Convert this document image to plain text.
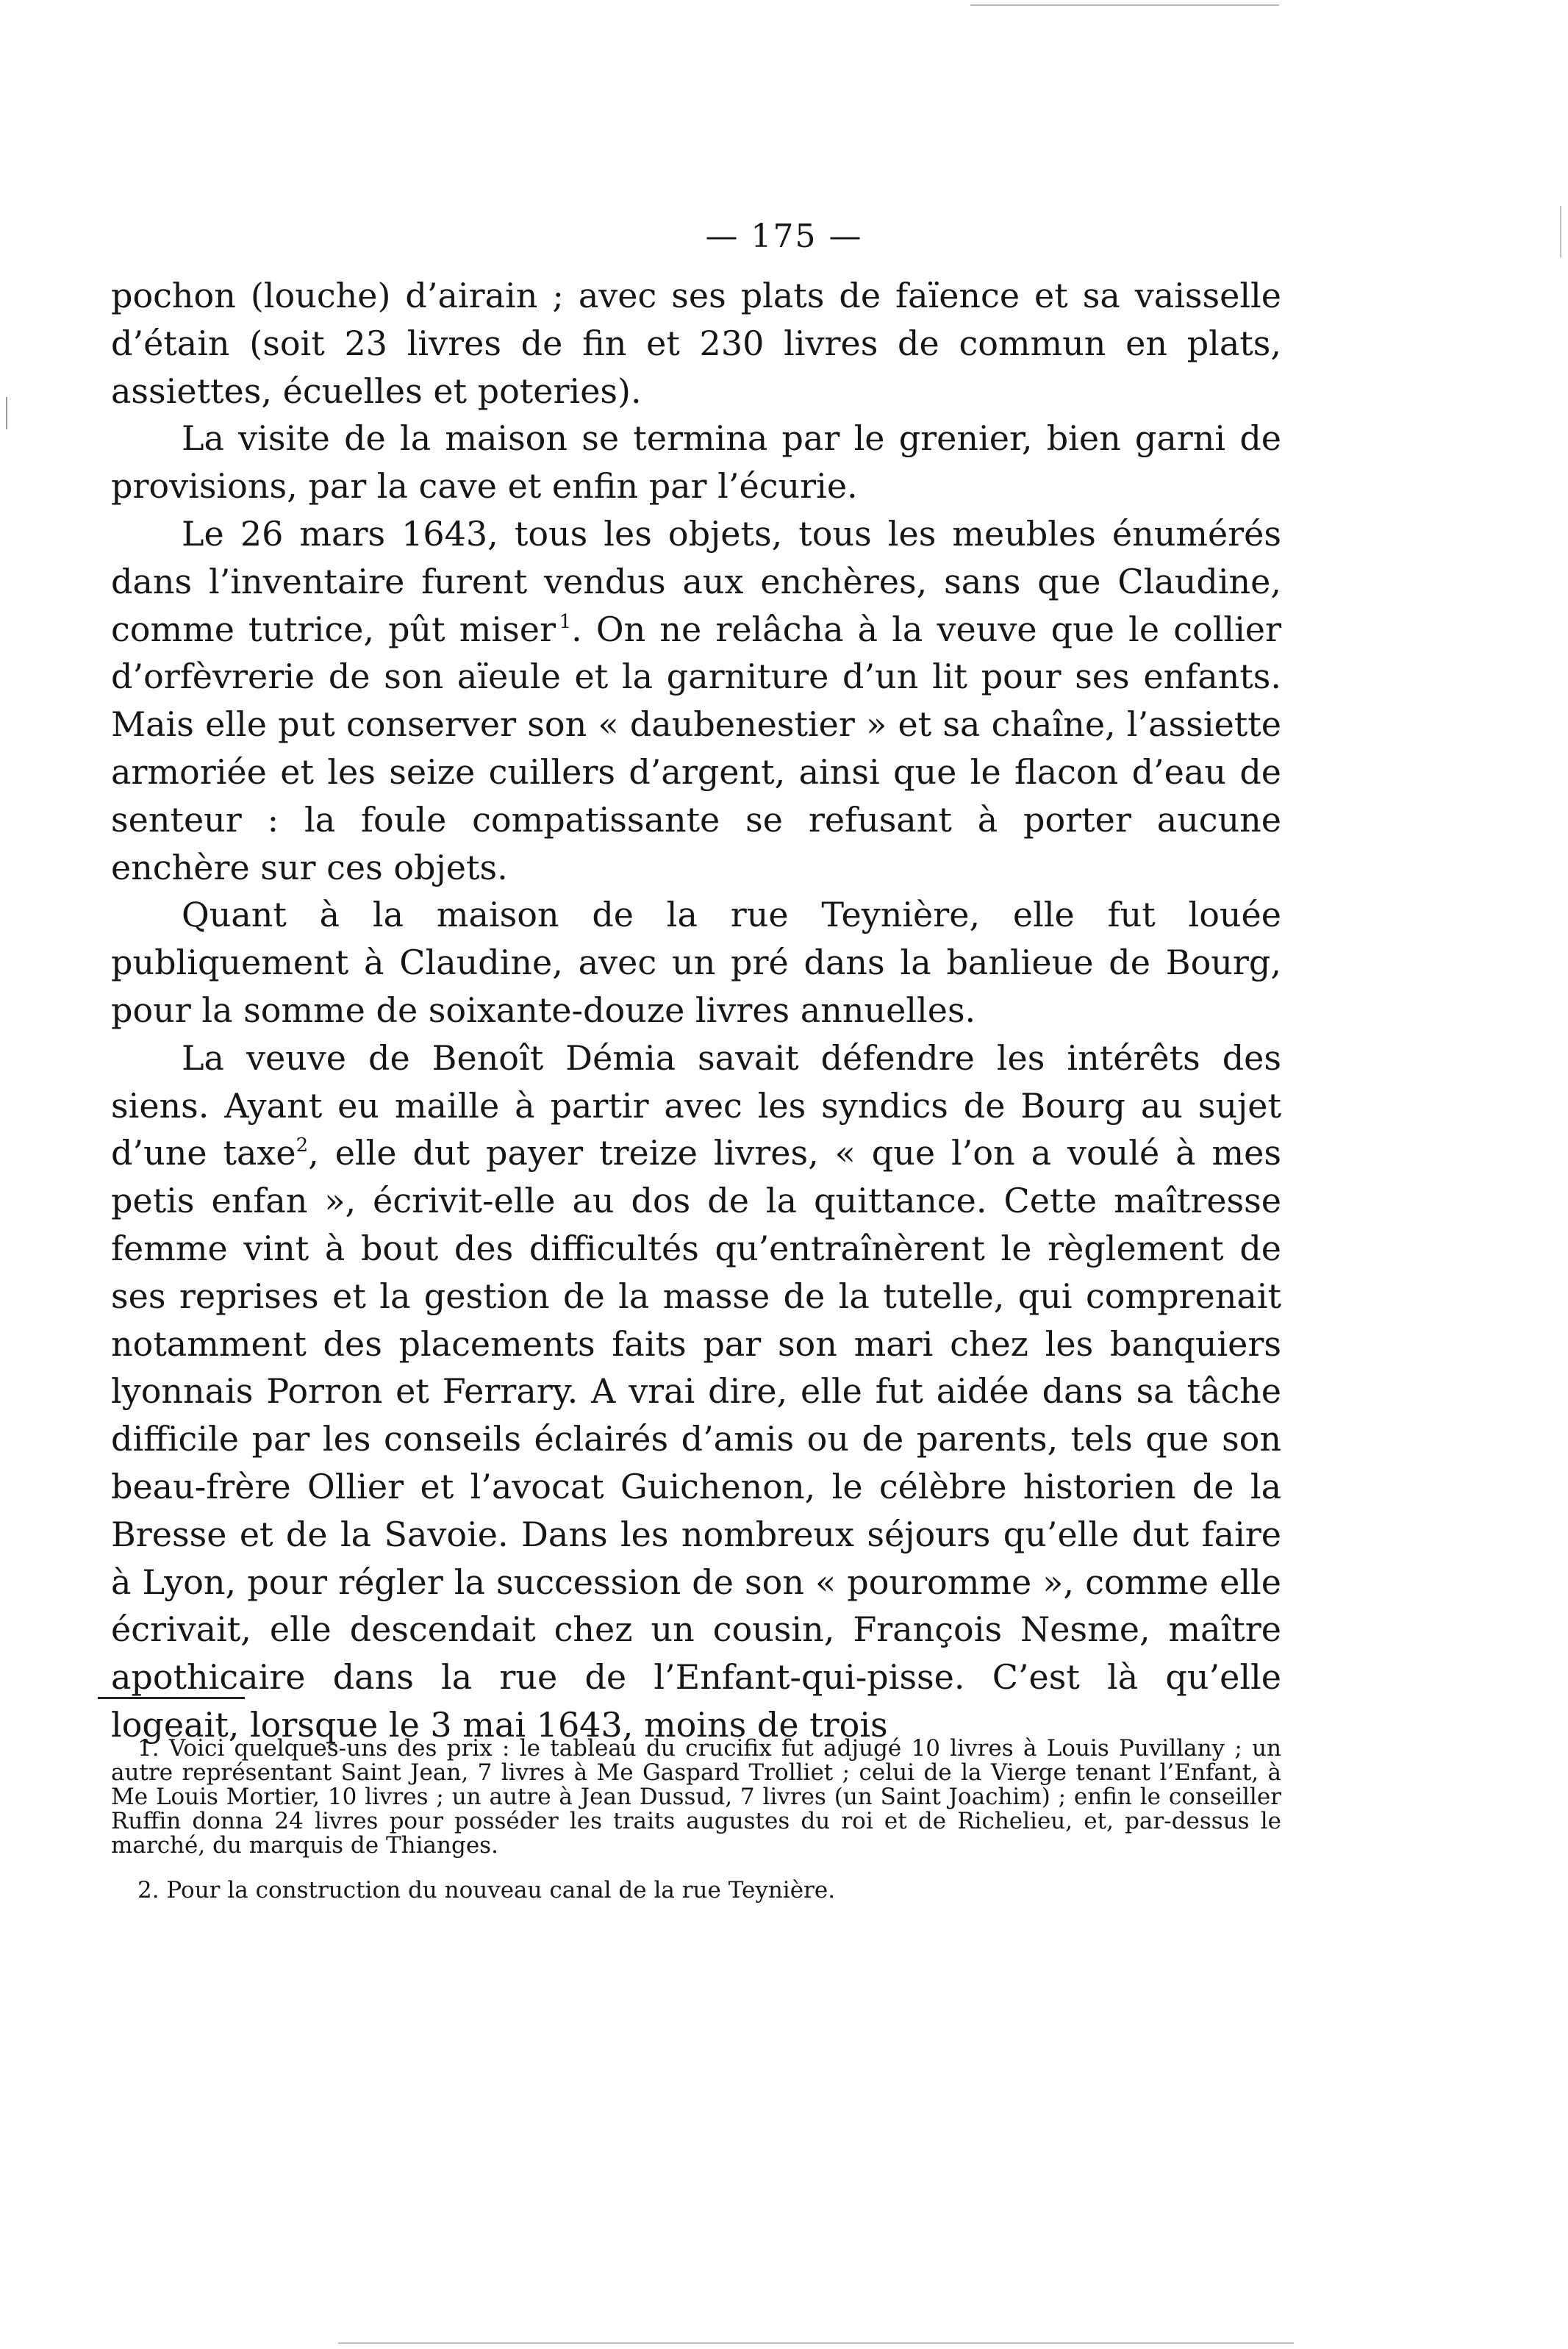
— 175 —

pochon (louche) d’airain ; avec ses plats de faïence et sa vaisselle d’étain (soit 23 livres de fin et 230 livres de commun en plats, assiettes, écuelles et poteries).

La visite de la maison se termina par le grenier, bien garni de provisions, par la cave et enfin par l’écurie.

Le 26 mars 1643, tous les objets, tous les meubles énumérés dans l’inventaire furent vendus aux enchères, sans que Claudine, comme tutrice, pût miser  $^1$. On ne relâcha à la veuve que le collier d’orfèvrerie de son aïeule et la garniture d’un lit pour ses enfants. Mais elle put conserver son « daubenestier » et sa chaîne, l’assiette armoriée et les seize cuillers d’argent, ainsi que le flacon d’eau de senteur : la foule compatissante se refusant à porter aucune enchère sur ces objets.

Quant à la maison de la rue Teynière, elle fut louée publiquement à Claudine, avec un pré dans la banlieue de Bourg, pour la somme de soixante-douze livres annuelles.

La veuve de Benoît Démia savait défendre les intérêts des siens. Ayant eu maille à partir avec les syndics de Bourg au sujet d’une taxe$^2$, elle dut payer treize livres, « que l’on a voulé à mes petis enfan », écrivit-elle au dos de la quittance. Cette maîtresse femme vint à bout des difficultés qu’entraînèrent le règlement de ses reprises et la gestion de la masse de la tutelle, qui comprenait notamment des placements faits par son mari chez les banquiers lyonnais Porron et Ferrary. A vrai dire, elle fut aidée dans sa tâche difficile par les conseils éclairés d’amis ou de parents, tels que son beau-frère Ollier et l’avocat Guichenon, le célèbre historien de la Bresse et de la Savoie. Dans les nombreux séjours qu’elle dut faire à Lyon, pour régler la succession de son « pouromme », comme elle écrivait, elle descendait chez un cousin, François Nesme, maître apothicaire dans la rue de l’Enfant-qui-pisse. C’est là qu’elle logeait, lorsque le 3 mai 1643, moins de trois

1. Voici quelques-uns des prix : le tableau du crucifix fut adjugé 10 livres à Louis Puvillany ; un autre représentant Saint Jean, 7 livres à Me Gaspard Trolliet ; celui de la Vierge tenant l’Enfant, à Me Louis Mortier, 10 livres ; un autre à Jean Dussud, 7 livres (un Saint Joachim) ; enfin le conseiller Ruffin donna 24 livres pour posséder les traits augustes du roi et de Richelieu, et, par-dessus le marché, du marquis de Thianges.

2. Pour la construction du nouveau canal de la rue Teynière.
